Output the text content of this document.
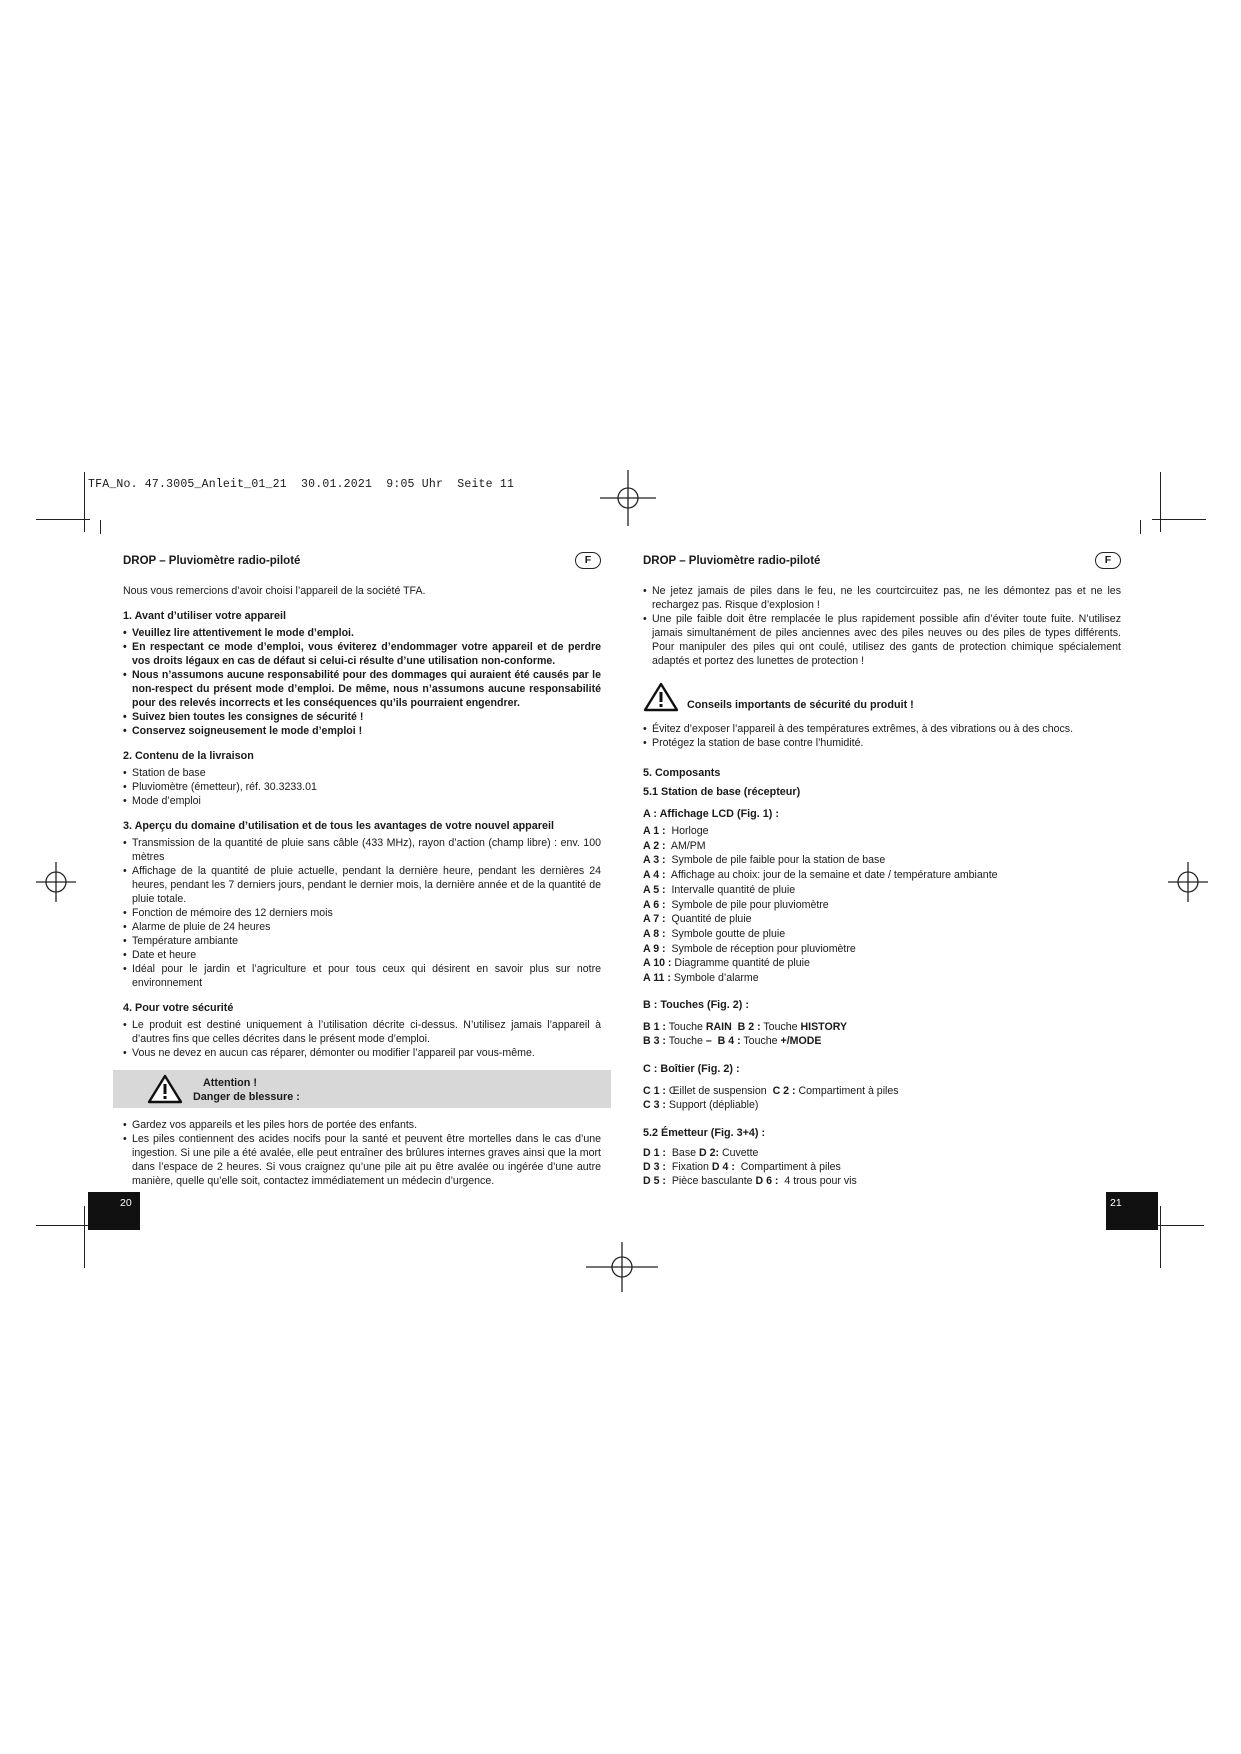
TFA_No. 47.3005_Anleit_01_21  30.01.2021  9:05 Uhr  Seite 11
DROP – Pluviomètre radio-piloté	F

Nous vous remercions d’avoir choisi l’appareil de la société TFA.

1. Avant d’utiliser votre appareil
• Veuillez lire attentivement le mode d’emploi.
• En respectant ce mode d’emploi, vous éviterez d’endommager votre appareil et de perdre vos droits légaux en cas de défaut si celui-ci résulte d’une utilisation non-conforme.
• Nous n’assumons aucune responsabilité pour des dommages qui auraient été causés par le non-respect du présent mode d’emploi. De même, nous n’assumons aucune responsabilité pour des relevés incorrects et les conséquences qu’ils pourraient engendrer.
• Suivez bien toutes les consignes de sécurité !
• Conservez soigneusement le mode d’emploi !
2. Contenu de la livraison
• Station de base
• Pluviomètre (émetteur), réf. 30.3233.01
• Mode d’emploi
3. Aperçu du domaine d’utilisation et de tous les avantages de votre nouvel appareil
• Transmission de la quantité de pluie sans câble (433 MHz), rayon d’action (champ libre) : env. 100 mètres
• Affichage de la quantité de pluie actuelle, pendant la dernière heure, pendant les dernières 24 heures, pendant les 7 derniers jours, pendant le dernier mois, la dernière année et de la quantité de pluie totale.
• Fonction de mémoire des 12 derniers mois
• Alarme de pluie de 24 heures
• Température ambiante
• Date et heure
• Idéal pour le jardin et l’agriculture et pour tous ceux qui désirent en savoir plus sur notre environnement
4. Pour votre sécurité
• Le produit est destiné uniquement à l’utilisation décrite ci-dessus. N’utilisez jamais l’appareil à d’autres fins que celles décrites dans le présent mode d’emploi.
• Vous ne devez en aucun cas réparer, démonter ou modifier l’appareil par vous-même.
Attention !
Danger de blessure :
• Gardez vos appareils et les piles hors de portée des enfants.
• Les piles contiennent des acides nocifs pour la santé et peuvent être mortelles dans le cas d’une ingestion. Si une pile a été avalée, elle peut entraîner des brûlures internes graves ainsi que la mort dans l’espace de 2 heures. Si vous craignez qu’une pile ait pu être avalée ou ingérée d’une autre manière, quelle qu’elle soit, contactez immédiatement un médecin d’urgence.
20
DROP – Pluviomètre radio-piloté	F
• Ne jetez jamais de piles dans le feu, ne les courtcircuitez pas, ne les démontez pas et ne les rechargez pas. Risque d’explosion !
• Une pile faible doit être remplacée le plus rapidement possible afin d’éviter toute fuite. N’utilisez jamais simultanément de piles anciennes avec des piles neuves ou des piles de types différents. Pour manipuler des piles qui ont coulé, utilisez des gants de protection chimique spécialement adaptés et portez des lunettes de protection !
Conseils importants de sécurité du produit !
• Évitez d’exposer l’appareil à des températures extrêmes, à des vibrations ou à des chocs.
• Protégez la station de base contre l’humidité.
5. Composants
5.1 Station de base (récepteur)
A : Affichage LCD (Fig. 1) :

A 1 : Horloge

A 2 : AM/PM

A 3 : Symbole de pile faible pour la station de base

A 4 : Affichage au choix: jour de la semaine et date / température ambiante

A 5 : Intervalle quantité de pluie

A 6 : Symbole de pile pour pluviomètre

A 7 : Quantité de pluie

A 8 : Symbole goutte de pluie

A 9 : Symbole de réception pour pluviomètre

A 10 : Diagramme quantité de pluie

A 11 : Symbole d’alarme

B : Touches (Fig. 2) :

B 1 : Touche RAIN B 2 : Touche HISTORY

B 3 : Touche – B 4 : Touche +/MODE

C : Boîtier (Fig. 2) :

C 1 : Œillet de suspension C 2 : Compartiment à piles

C 3 : Support (dépliable)

5.2 Émetteur (Fig. 3+4) :

D 1 : Base D 2: Cuvette

D 3 : Fixation D 4 : Compartiment à piles

D 5 : Pièce basculante D 6 : 4 trous pour vis

21
